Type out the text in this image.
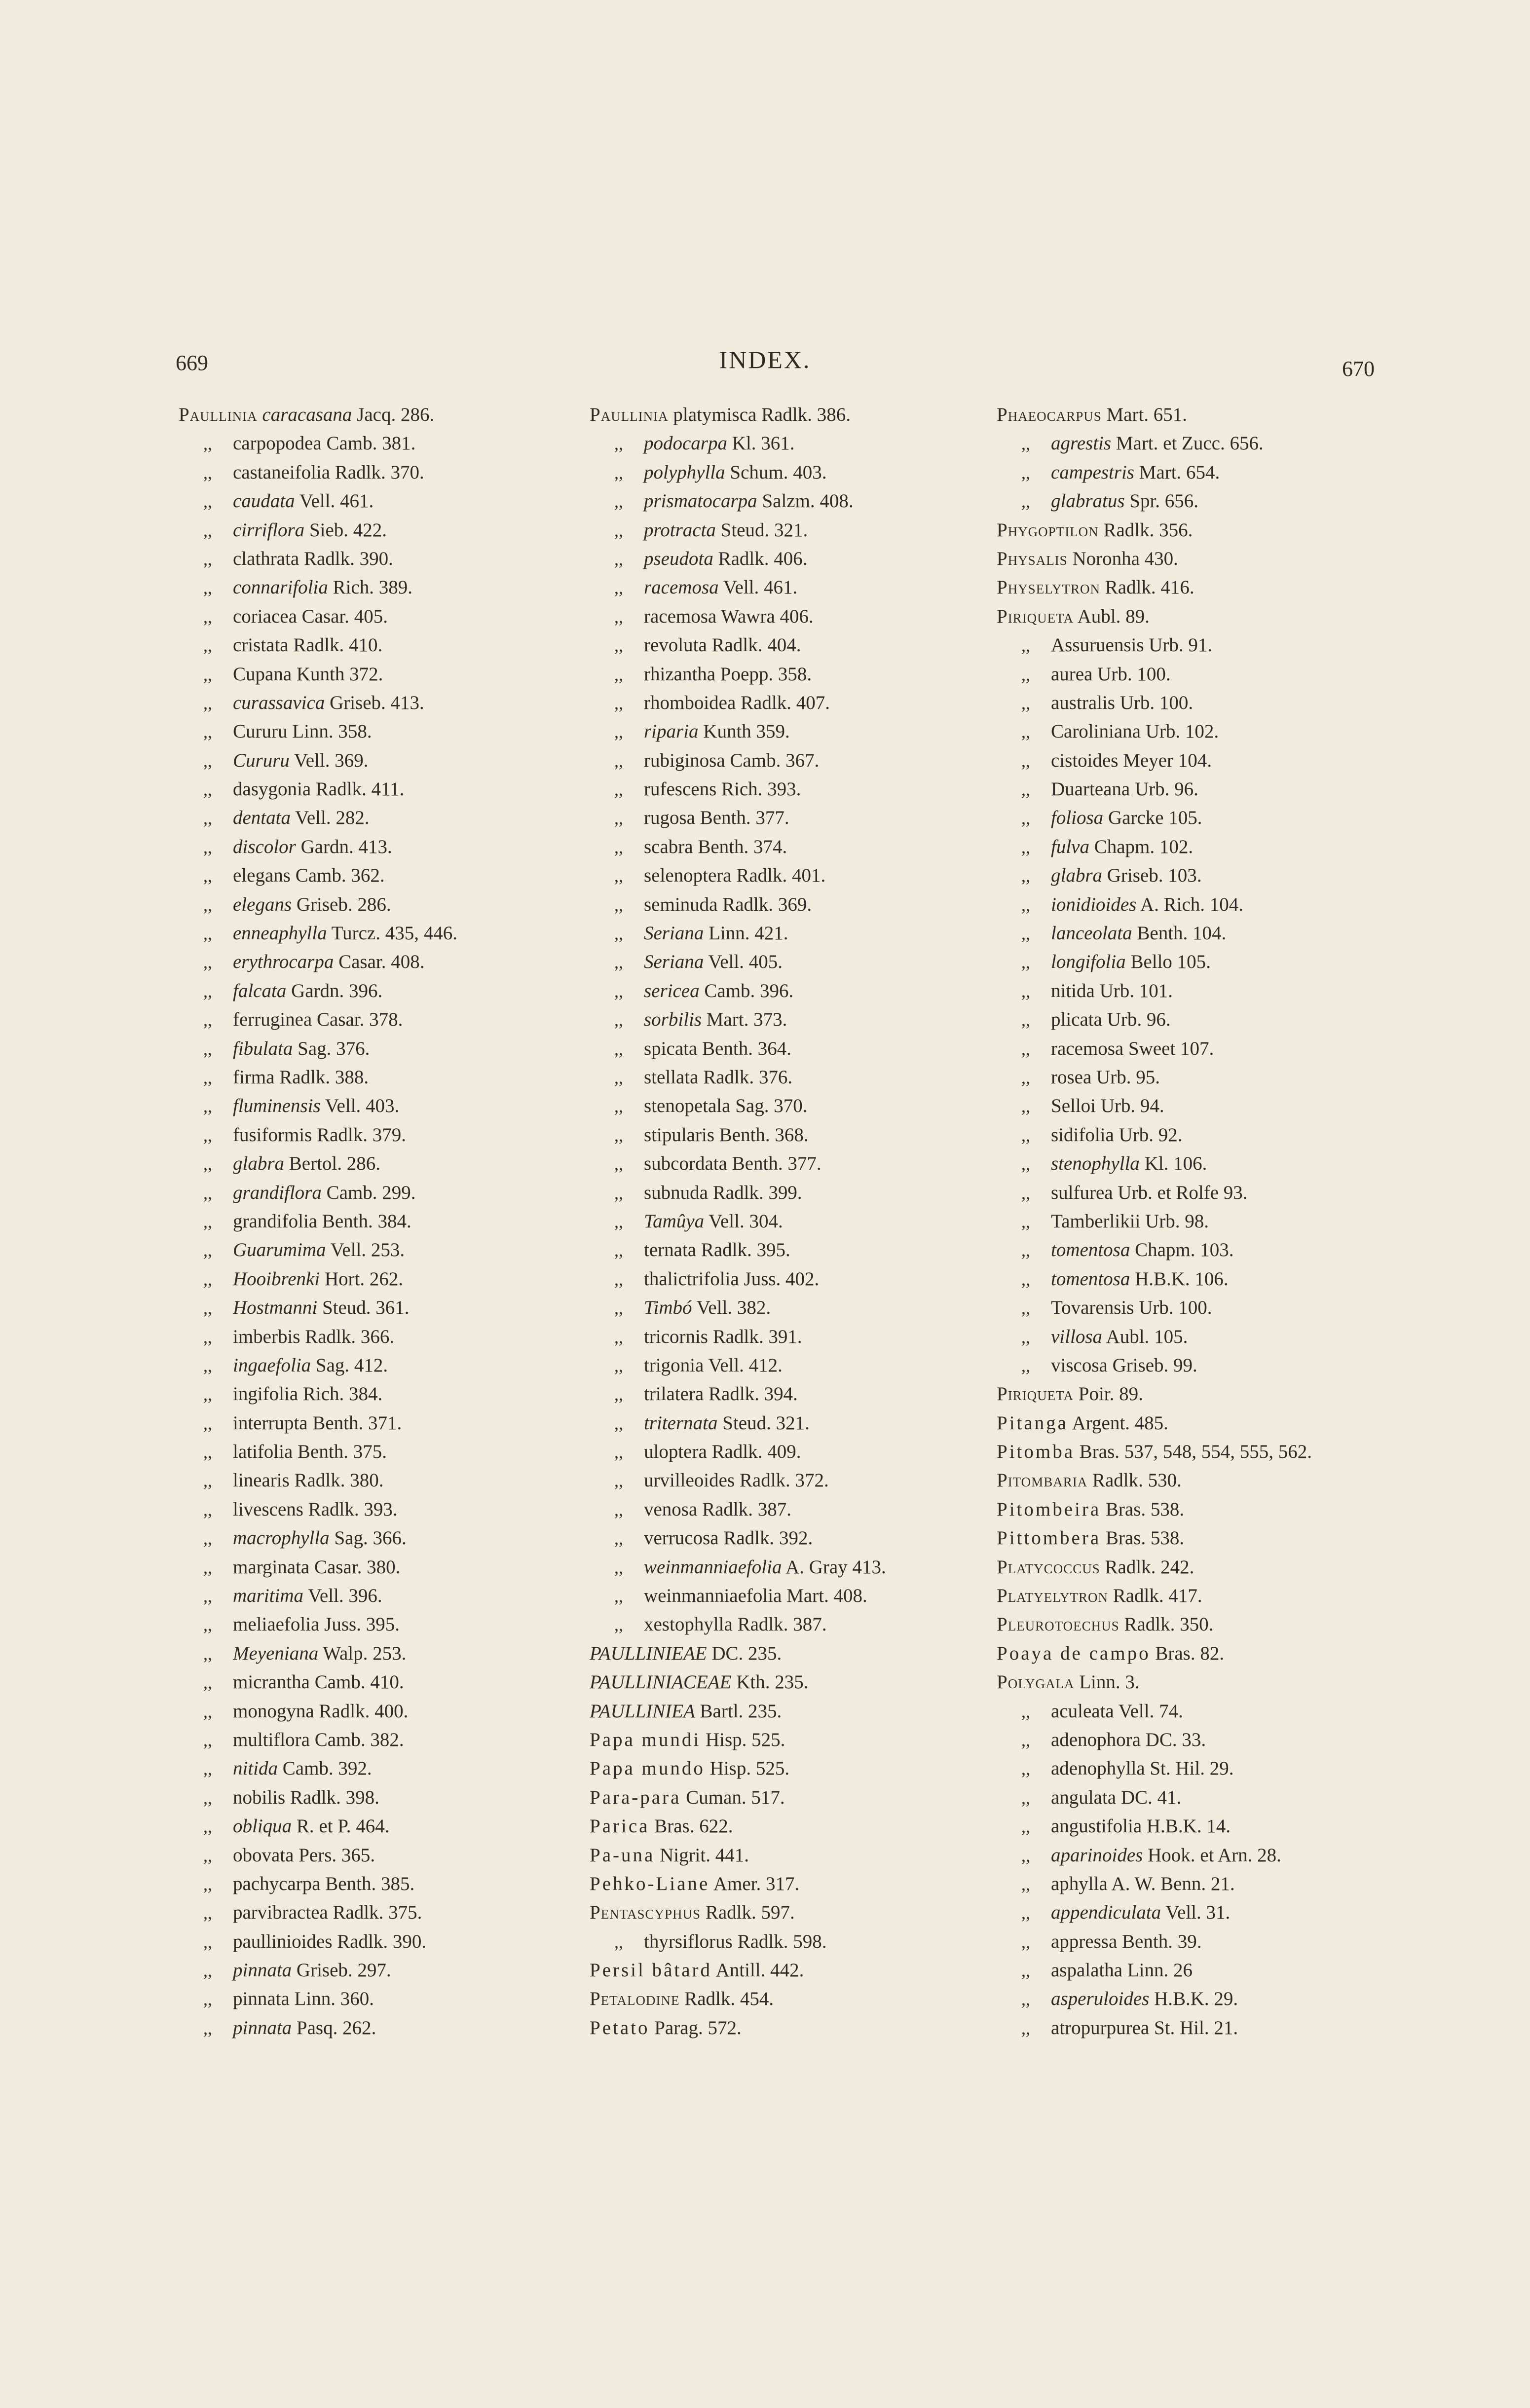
669	INDEX.	670
Paullinia caracasana Jacq. 286.
,, carpopodea Camb. 381.
,, castaneifolia Radlk. 370.
,, caudata Vell. 461.
,, cirriflora Sieb. 422.
,, clathrata Radlk. 390.
,, connarifolia Rich. 389.
,, coriacea Casar. 405.
,, cristata Radlk. 410.
,, Cupana Kunth 372.
,, curassavica Griseb. 413.
,, Cururu Linn. 358.
,, Cururu Vell. 369.
,, dasygonia Radlk. 411.
,, dentata Vell. 282.
,, discolor Gardn. 413.
,, elegans Camb. 362.
,, elegans Griseb. 286.
,, enneaphylla Turcz. 435, 446.
,, erythrocarpa Casar. 408.
,, falcata Gardn. 396.
,, ferruginea Casar. 378.
,, fibulata Sag. 376.
,, firma Radlk. 388.
,, fluminensis Vell. 403.
,, fusiformis Radlk. 379.
,, glabra Bertol. 286.
,, grandiflora Camb. 299.
,, grandifolia Benth. 384.
,, Guarumima Vell. 253.
,, Hooibrenki Hort. 262.
,, Hostmanni Steud. 361.
,, imberbis Radlk. 366.
,, ingaefolia Sag. 412.
,, ingifolia Rich. 384.
,, interrupta Benth. 371.
,, latifolia Benth. 375.
,, linearis Radlk. 380.
,, livescens Radlk. 393.
,, macrophylla Sag. 366.
,, marginata Casar. 380.
,, maritima Vell. 396.
,, meliaefolia Juss. 395.
,, Meyeniana Walp. 253.
,, micrantha Camb. 410.
,, monogyna Radlk. 400.
,, multiflora Camb. 382.
,, nitida Camb. 392.
,, nobilis Radlk. 398.
,, obliqua R. et P. 464.
,, obovata Pers. 365.
,, pachycarpa Benth. 385.
,, parvibractea Radlk. 375.
,, paullinioides Radlk. 390.
,, pinnata Griseb. 297.
,, pinnata Linn. 360.
,, pinnata Pasq. 262.
Paullinia platymisca Radlk. 386.
,, podocarpa Kl. 361.
,, polyphylla Schum. 403.
,, prismatocarpa Salzm. 408.
,, protracta Steud. 321.
,, pseudota Radlk. 406.
,, racemosa Vell. 461.
,, racemosa Wawra 406.
,, revoluta Radlk. 404.
,, rhizantha Poepp. 358.
,, rhomboidea Radlk. 407.
,, riparia Kunth 359.
,, rubiginosa Camb. 367.
,, rufescens Rich. 393.
,, rugosa Benth. 377.
,, scabra Benth. 374.
,, selenoptera Radlk. 401.
,, seminuda Radlk. 369.
,, Seriana Linn. 421.
,, Seriana Vell. 405.
,, sericea Camb. 396.
,, sorbilis Mart. 373.
,, spicata Benth. 364.
,, stellata Radlk. 376.
,, stenopetala Sag. 370.
,, stipularis Benth. 368.
,, subcordata Benth. 377.
,, subnuda Radlk. 399.
,, Tamûya Vell. 304.
,, ternata Radlk. 395.
,, thalictrifolia Juss. 402.
,, Timbó Vell. 382.
,, tricornis Radlk. 391.
,, trigonia Vell. 412.
,, trilatera Radlk. 394.
,, triternata Steud. 321.
,, uloptera Radlk. 409.
,, urvilleoides Radlk. 372.
,, venosa Radlk. 387.
,, verrucosa Radlk. 392.
,, weinmanniaefolia A. Gray 413.
,, weinmanniaefolia Mart. 408.
,, xestophylla Radlk. 387.
PAULLINIEAE DC. 235.
PAULLINIACEAE Kth. 235.
PAULLINIEA Bartl. 235.
Papa mundi Hisp. 525.
Papa mundo Hisp. 525.
Para-para Cuman. 517.
Parica Bras. 622.
Pa-una Nigrit. 441.
Pehko-Liane Amer. 317.
Pentascyphus Radlk. 597.
,, thyrsiflorus Radlk. 598.
Persil bâtard Antill. 442.
Petalodine Radlk. 454.
Petato Parag. 572.
Phaeocarpus Mart. 651.
,, agrestis Mart. et Zucc. 656.
,, campestris Mart. 654.
,, glabratus Spr. 656.
Phygoptilon Radlk. 356.
Physalis Noronha 430.
Physelytron Radlk. 416.
Piriqueta Aubl. 89.
,, Assuruensis Urb. 91.
,, aurea Urb. 100.
,, australis Urb. 100.
,, Caroliniana Urb. 102.
,, cistoides Meyer 104.
,, Duarteana Urb. 96.
,, foliosa Garcke 105.
,, fulva Chapm. 102.
,, glabra Griseb. 103.
,, ionidioides A. Rich. 104.
,, lanceolata Benth. 104.
,, longifolia Bello 105.
,, nitida Urb. 101.
,, plicata Urb. 96.
,, racemosa Sweet 107.
,, rosea Urb. 95.
,, Selloi Urb. 94.
,, sidifolia Urb. 92.
,, stenophylla Kl. 106.
,, sulfurea Urb. et Rolfe 93.
,, Tamberlikii Urb. 98.
,, tomentosa Chapm. 103.
,, tomentosa H.B.K. 106.
,, Tovarensis Urb. 100.
,, villosa Aubl. 105.
,, viscosa Griseb. 99.
Piriqueta Poir. 89.
Pitanga Argent. 485.
Pitomba Bras. 537, 548, 554, 555, 562.
Pitombaria Radlk. 530.
Pitombeira Bras. 538.
Pittombera Bras. 538.
Platycoccus Radlk. 242.
Platyelytron Radlk. 417.
Pleurotoechus Radlk. 350.
Poaya de campo Bras. 82.
Polygala Linn. 3.
,, aculeata Vell. 74.
,, adenophora DC. 33.
,, adenophylla St. Hil. 29.
,, angulata DC. 41.
,, angustifolia H.B.K. 14.
,, aparinoides Hook. et Arn. 28.
,, aphylla A. W. Benn. 21.
,, appendiculata Vell. 31.
,, appressa Benth. 39.
,, aspalatha Linn. 26
,, asperuloides H.B.K. 29.
,, atropurpurea St. Hil. 21.
